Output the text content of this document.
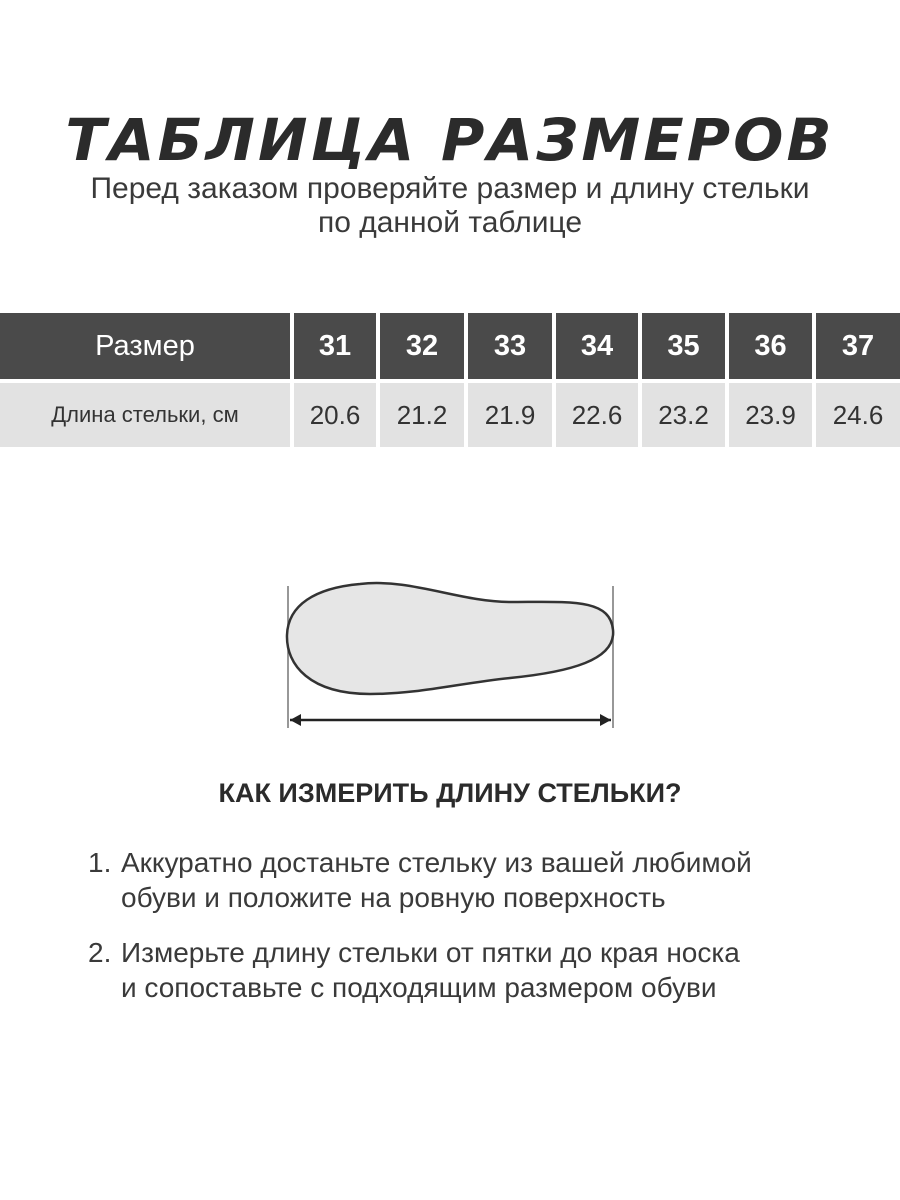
ТАБЛИЦА РАЗМЕРОВ
Перед заказом проверяйте размер и длину стельки
по данной таблице
Размер	31	32	33	34	35	36	37
Длина стельки, см	20.6	21.2	21.9	22.6	23.2	23.9	24.6
КАК ИЗМЕРИТЬ ДЛИНУ СТЕЛЬКИ?
1. Аккуратно достаньте стельку из вашей любимой
обуви и положите на ровную поверхность
2. Измерьте длину стельки от пятки до края носка
и сопоставьте с подходящим размером обуви
